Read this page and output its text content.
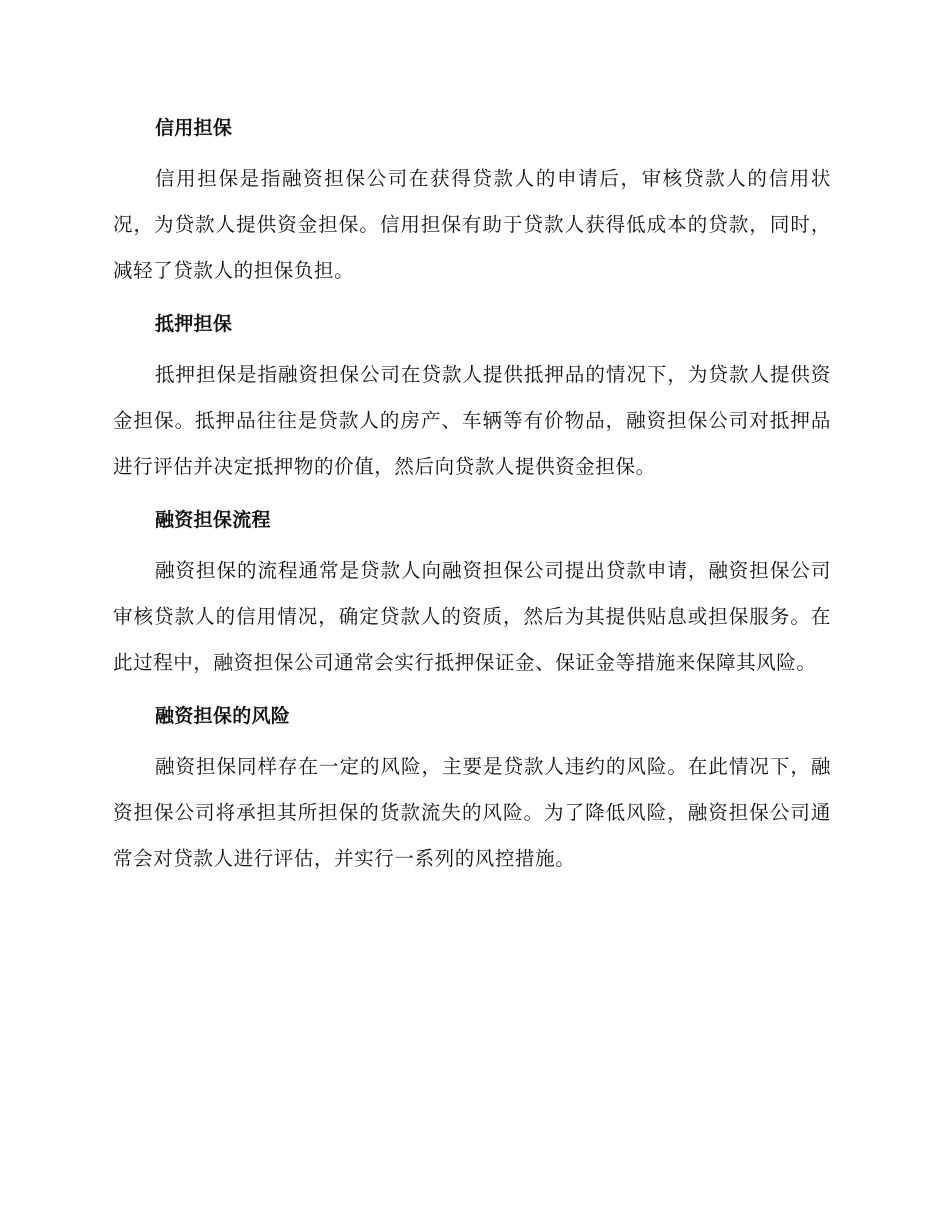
信用担保

信用担保是指融资担保公司在获得贷款人的申请后，审核贷款人的信用状况，为贷款人提供资金担保。信用担保有助于贷款人获得低成本的贷款，同时，减轻了贷款人的担保负担。

抵押担保

抵押担保是指融资担保公司在贷款人提供抵押品的情况下，为贷款人提供资金担保。抵押品往往是贷款人的房产、车辆等有价物品，融资担保公司对抵押品进行评估并决定抵押物的价值，然后向贷款人提供资金担保。

融资担保流程

融资担保的流程通常是贷款人向融资担保公司提出贷款申请，融资担保公司审核贷款人的信用情况，确定贷款人的资质，然后为其提供贴息或担保服务。在此过程中，融资担保公司通常会实行抵押保证金、保证金等措施来保障其风险。

融资担保的风险

融资担保同样存在一定的风险，主要是贷款人违约的风险。在此情况下，融资担保公司将承担其所担保的货款流失的风险。为了降低风险，融资担保公司通常会对贷款人进行评估，并实行一系列的风控措施。
